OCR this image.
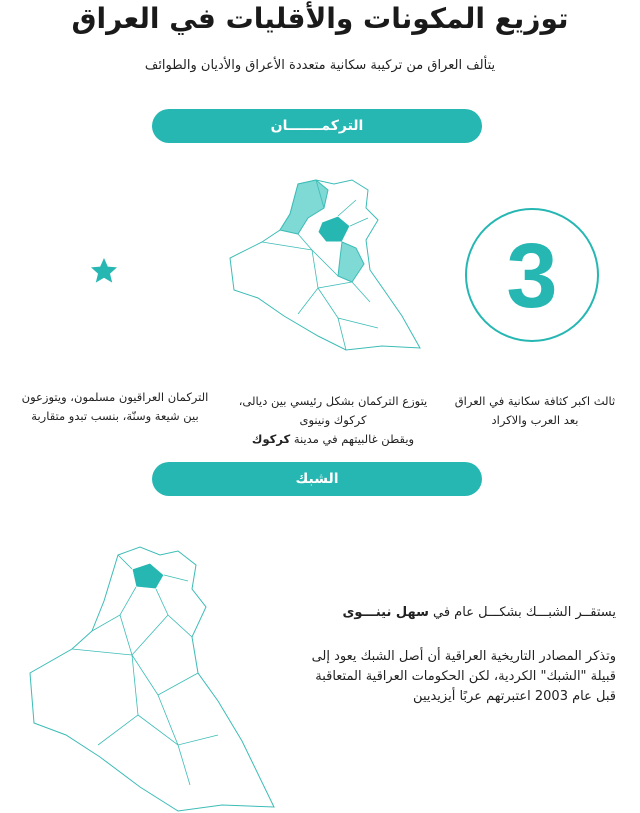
توزيع المكونات والأقليات في العراق
يتألف العراق من تركيبة سكانية متعددة الأعراق والأديان والطوائف
التركمـــــــان
3
ثالث اكبر كثافة سكانية في العراق
بعد العرب والاكراد
يتوزع التركمان بشكل رئيسي بين ديالى،
كركوك ونينوى
ويقطن غالبيتهم في مدينة كركوك
التركمان العراقيون مسلمون، ويتوزعون
بين شيعة وسنّة، بنسب تبدو متقاربة
الشبك
يستقــر الشبـــك بشكـــل عام في سهل نينـــوى
وتذكر المصادر التاريخية العراقية أن أصل الشبك يعود إلى
قبيلة "الشبك" الكردية، لكن الحكومات العراقية المتعاقبة
قبل عام 2003 اعتبرتهم عربًا أيزيديين
